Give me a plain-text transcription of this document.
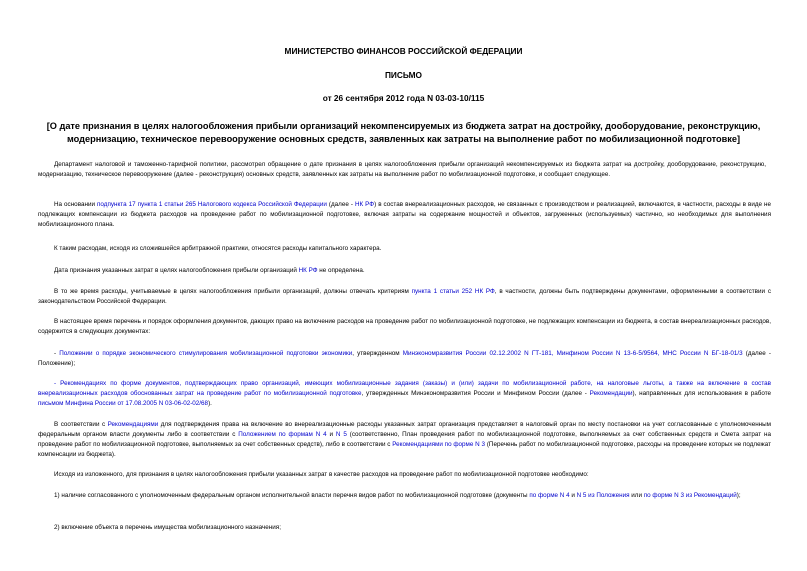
МИНИСТЕРСТВО ФИНАНСОВ РОССИЙСКОЙ ФЕДЕРАЦИИ
ПИСЬМО
от 26 сентября 2012 года N 03-03-10/115
[О дате признания в целях налогообложения прибыли организаций некомпенсируемых из бюджета затрат на достройку, дооборудование, реконструкцию, модернизацию, техническое перевооружение основных средств, заявленных как затраты на выполнение работ по мобилизационной подготовке]
Департамент налоговой и таможенно-тарифной политики, рассмотрел обращение о дате признания в целях налогообложения прибыли организаций некомпенсируемых из бюджета затрат на достройку, дооборудование, реконструкцию, модернизацию, техническое перевооружение (далее - реконструкция) основных средств, заявленных как затраты на выполнение работ по мобилизационной подготовке, и сообщает следующее.
На основании подпункта 17 пункта 1 статьи 265 Налогового кодекса Российской Федерации (далее - НК РФ) в состав внереализационных расходов, не связанных с производством и реализацией, включаются, в частности, расходы в виде не подлежащих компенсации из бюджета расходов на проведение работ по мобилизационной подготовке, включая затраты на содержание мощностей и объектов, загруженных (используемых) частично, но необходимых для выполнения мобилизационного плана.
К таким расходам, исходя из сложившейся арбитражной практики, относятся расходы капитального характера.
Дата признания указанных затрат в целях налогообложения прибыли организаций НК РФ не определена.
В то же время расходы, учитываемые в целях налогообложения прибыли организаций, должны отвечать критериям пункта 1 статьи 252 НК РФ, в частности, должны быть подтверждены документами, оформленными в соответствии с законодательством Российской Федерации.
В настоящее время перечень и порядок оформления документов, дающих право на включение расходов на проведение работ по мобилизационной подготовке, не подлежащих компенсации из бюджета, в состав внереализационных расходов, содержится в следующих документах:
- Положении о порядке экономического стимулирования мобилизационной подготовки экономики, утвержденном Минэкономразвития России 02.12.2002 N ГТ-181, Минфином России N 13-6-5/9564, МНС России N БГ-18-01/3 (далее - Положение);
- Рекомендациях по форме документов, подтверждающих право организаций, имеющих мобилизационные задания (заказы) и (или) задачи по мобилизационной работе, на налоговые льготы, а также на включение в состав внереализационных расходов обоснованных затрат на проведение работ по мобилизационной подготовке, утвержденных Минэкономразвития России и Минфином России (далее - Рекомендации), направленных для использования в работе письмом Минфина России от 17.08.2005 N 03-06-02-02/68).
В соответствии с Рекомендациями для подтверждения права на включение во внереализационные расходы указанных затрат организация представляет в налоговый орган по месту постановки на учет согласованные с уполномоченным федеральным органом власти документы либо в соответствии с Положением по формам N 4 и N 5 (соответственно, План проведения работ по мобилизационной подготовке, выполняемых за счет собственных средств и Смета затрат на проведение работ по мобилизационной подготовке, выполняемых за счет собственных средств), либо в соответствии с Рекомендациями по форме N 3 (Перечень работ по мобилизационной подготовке, расходы на проведение которых не подлежат компенсации из бюджета).
Исходя из изложенного, для признания в целях налогообложения прибыли указанных затрат в качестве расходов на проведение работ по мобилизационной подготовке необходимо:
1) наличие согласованного с уполномоченным федеральным органом исполнительной власти перечня видов работ по мобилизационной подготовке (документы по форме N 4 и N 5 из Положения или по форме N 3 из Рекомендаций);
2) включение объекта в перечень имущества мобилизационного назначения;
